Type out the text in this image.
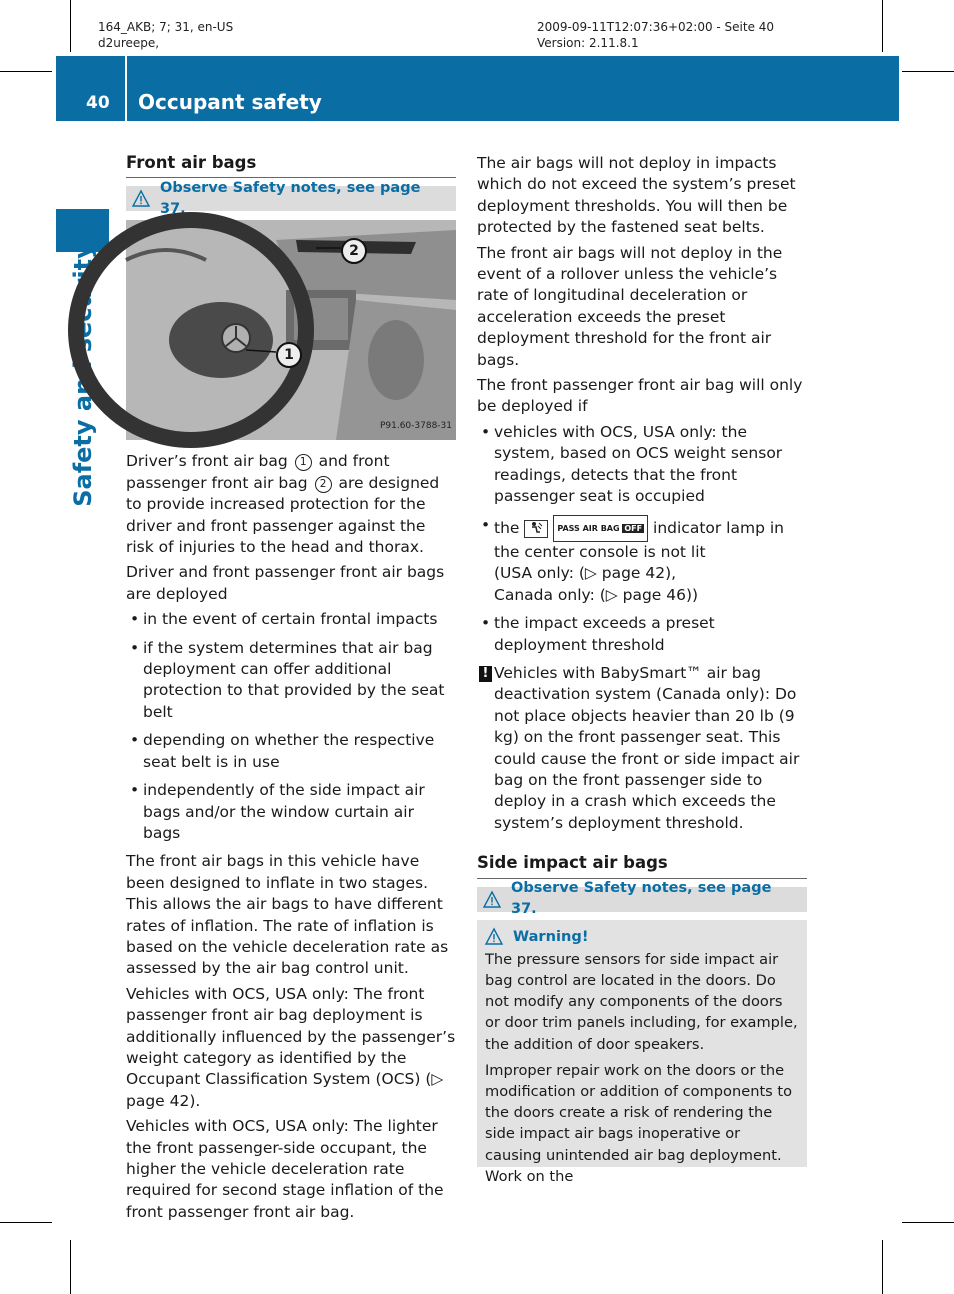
164_AKB; 7; 31, en-US
d2ureepe,
2009-09-11T12:07:36+02:00 - Seite 40
Version: 2.11.8.1
40 Occupant safety
Safety and security
Front air bags
Observe Safety notes, see page 37.
2
1
P91.60-3788-31

Driver’s front air bag 1 and front passenger front air bag 2 are designed to provide increased protection for the driver and front passenger against the risk of injuries to the head and thorax.

Driver and front passenger front air bags are deployed

• in the event of certain frontal impacts
• if the system determines that air bag deployment can offer additional protection to that provided by the seat belt
• depending on whether the respective seat belt is in use
• independently of the side impact air bags and/or the window curtain air bags

The front air bags in this vehicle have been designed to inflate in two stages. This allows the air bags to have different rates of inflation. The rate of inflation is based on the vehicle deceleration rate as assessed by the air bag control unit.

Vehicles with OCS, USA only: The front passenger front air bag deployment is additionally influenced by the passenger’s weight category as identified by the Occupant Classification System (OCS) (▷ page 42).

Vehicles with OCS, USA only: The lighter the front passenger-side occupant, the higher the vehicle deceleration rate required for second stage inflation of the front passenger front air bag.

The air bags will not deploy in impacts which do not exceed the system’s preset deployment thresholds. You will then be protected by the fastened seat belts.

The front air bags will not deploy in the event of a rollover unless the vehicle’s rate of longitudinal deceleration or acceleration exceeds the preset deployment threshold for the front air bags.

The front passenger front air bag will only be deployed if

• vehicles with OCS, USA only: the system, based on OCS weight sensor readings, detects that the front passenger seat is occupied
• the	PASS AIR BAG OFF indicator lamp in the center console is not lit
(USA only: (▷ page 42),
Canada only: (▷ page 46))
• the impact exceeds a preset deployment threshold
! Vehicles with BabySmart™ air bag deactivation system (Canada only): Do not place objects heavier than 20 lb (9 kg) on the front passenger seat. This could cause the front or side impact air bag on the front passenger side to deploy in a crash which exceeds the system’s deployment threshold.
Side impact air bags
Observe Safety notes, see page 37.
Warning!

The pressure sensors for side impact air bag control are located in the doors. Do not modify any components of the doors or door trim panels including, for example, the addition of door speakers.

Improper repair work on the doors or the modification or addition of components to the doors create a risk of rendering the side impact air bags inoperative or causing unintended air bag deployment. Work on the
